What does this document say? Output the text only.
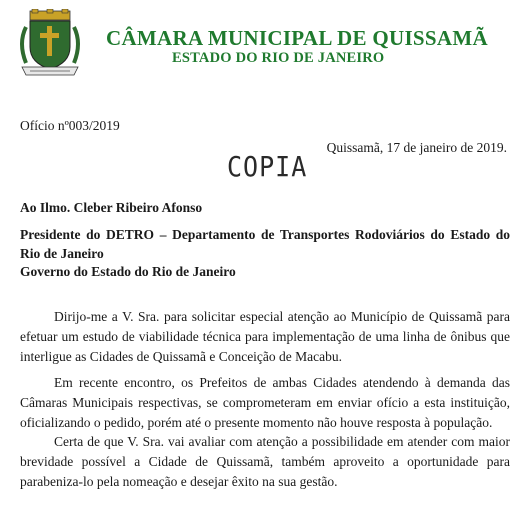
CÂMARA MUNICIPAL DE QUISSAMÃ
ESTADO DO RIO DE JANEIRO
Ofício nº003/2019
Quissamã, 17 de janeiro de 2019.
COPIA
Ao Ilmo. Cleber Ribeiro Afonso
Presidente do DETRO – Departamento de Transportes Rodoviários do Estado do Rio de Janeiro
Governo do Estado do Rio de Janeiro
Dirijo-me a V. Sra. para solicitar especial atenção ao Município de Quissamã para efetuar um estudo de viabilidade técnica para implementação de uma linha de ônibus que interligue as Cidades de Quissamã e Conceição de Macabu.
Em recente encontro, os Prefeitos de ambas Cidades atendendo à demanda das Câmaras Municipais respectivas, se comprometeram em enviar ofício a esta instituição, oficializando o pedido, porém até o presente momento não houve resposta à população.
Certa de que V. Sra. vai avaliar com atenção a possibilidade em atender com maior brevidade possível a Cidade de Quissamã, também aproveito a oportunidade para parabeniza-lo pela nomeação e desejar êxito na sua gestão.
